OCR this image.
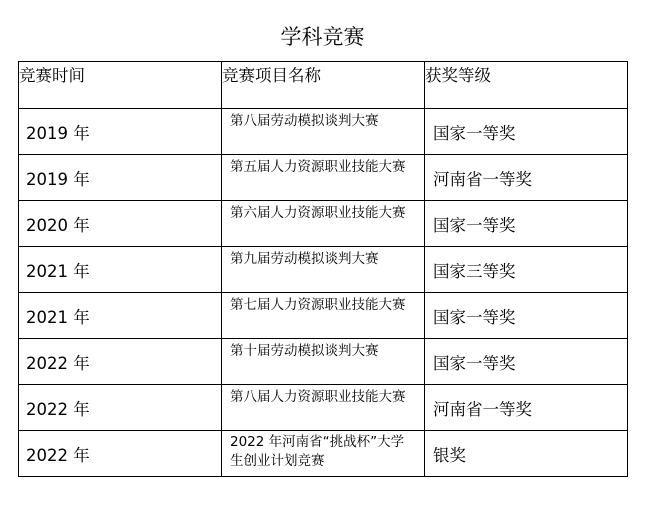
学科竞赛
竞赛时间	竞赛项目名称	获奖等级
2019 年	第八届劳动模拟谈判大赛	国家一等奖
2019 年	第五届人力资源职业技能大赛	河南省一等奖
2020 年	第六届人力资源职业技能大赛	国家一等奖
2021 年	第九届劳动模拟谈判大赛	国家三等奖
2021 年	第七届人力资源职业技能大赛	国家一等奖
2022 年	第十届劳动模拟谈判大赛	国家一等奖
2022 年	第八届人力资源职业技能大赛	河南省一等奖
2022 年	2022 年河南省“挑战杯”大学生创业计划竞赛	银奖
